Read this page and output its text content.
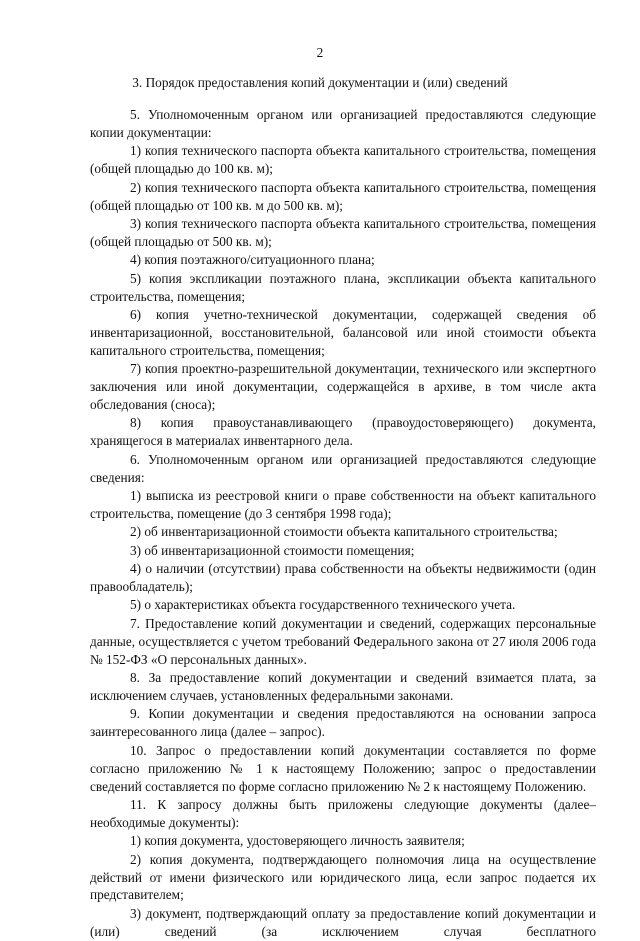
2
3. Порядок предоставления копий документации и (или) сведений

5. Уполномоченным органом или организацией предоставляются следующие копии документации:

1) копия технического паспорта объекта капитального строительства, помещения (общей площадью до 100 кв. м);

2) копия технического паспорта объекта капитального строительства, помещения (общей площадью от 100 кв. м до 500 кв. м);

3) копия технического паспорта объекта капитального строительства, помещения (общей площадью от 500 кв. м);

4) копия поэтажного/ситуационного плана;

5) копия экспликации поэтажного плана, экспликации объекта капитального строительства, помещения;

6) копия учетно-технической документации, содержащей сведения об инвентаризационной, восстановительной, балансовой или иной стоимости объекта капитального строительства, помещения;

7) копия проектно-разрешительной документации, технического или экспертного заключения или иной документации, содержащейся в архиве, в том числе акта обследования (сноса);

8) копия правоустанавливающего (правоудостоверяющего) документа, хранящегося в материалах инвентарного дела.

6. Уполномоченным органом или организацией предоставляются следующие сведения:

1) выписка из реестровой книги о праве собственности на объект капитального строительства, помещение (до 3 сентября 1998 года);

2) об инвентаризационной стоимости объекта капитального строительства;

3) об инвентаризационной стоимости помещения;

4) о наличии (отсутствии) права собственности на объекты недвижимости (один правообладатель);

5) о характеристиках объекта государственного технического учета.

7. Предоставление копий документации и сведений, содержащих персональные данные, осуществляется с учетом требований Федерального закона от 27 июля 2006 года № 152-ФЗ «О персональных данных».

8. За предоставление копий документации и сведений взимается плата, за исключением случаев, установленных федеральными законами.

9. Копии документации и сведения предоставляются на основании запроса заинтересованного лица (далее – запрос).

10. Запрос о предоставлении копий документации составляется по форме согласно приложению № 1 к настоящему Положению; запрос о предоставлении сведений составляется по форме согласно приложению № 2 к настоящему Положению.

11. К запросу должны быть приложены следующие документы (далее– необходимые документы):

1) копия документа, удостоверяющего личность заявителя;

2) копия документа, подтверждающего полномочия лица на осуществление действий от имени физического или юридического лица, если запрос подается их представителем;

3) документ, подтверждающий оплату за предоставление копий документации и (или) сведений (за исключением случая бесплатного
